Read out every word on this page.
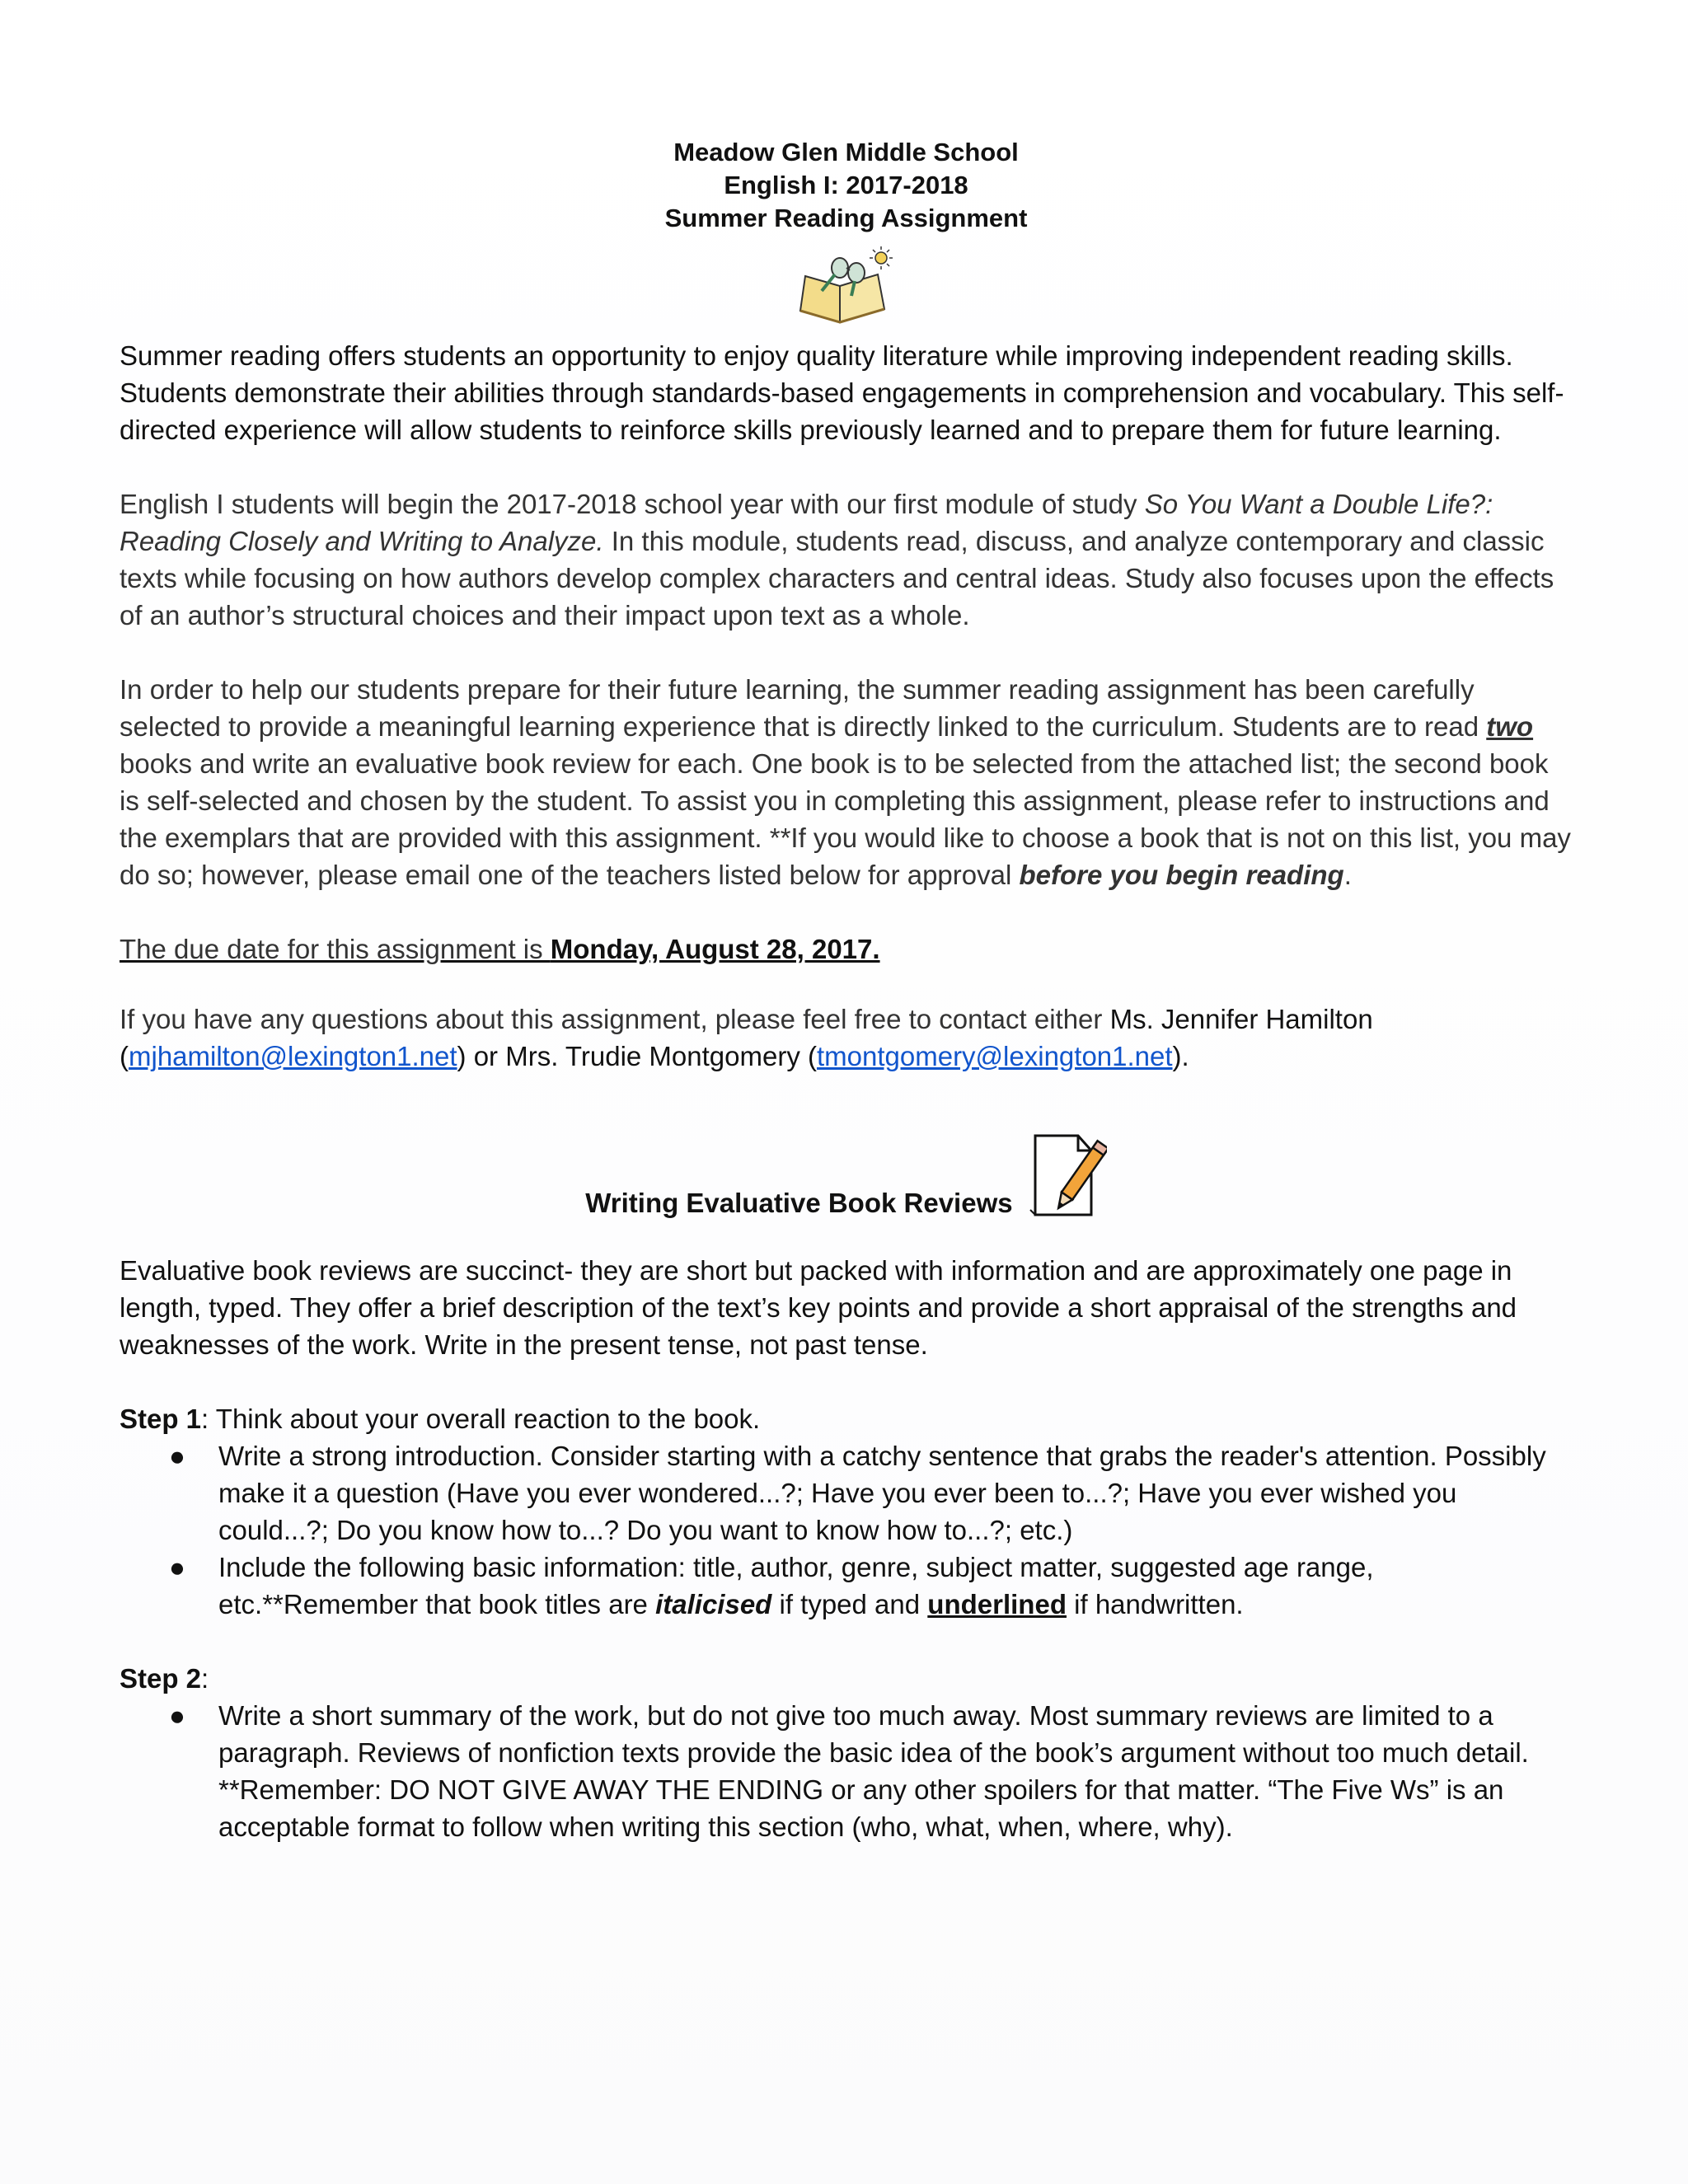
Meadow Glen Middle School
English I: 2017-2018
Summer Reading Assignment

Summer reading offers students an opportunity to enjoy quality literature while improving independent reading skills. Students demonstrate their abilities through standards-based engagements in comprehension and vocabulary. This self-directed experience will allow students to reinforce skills previously learned and to prepare them for future learning.

English I students will begin the 2017-2018 school year with our first module of study So You Want a Double Life?: Reading Closely and Writing to Analyze. In this module, students read, discuss, and analyze contemporary and classic texts while focusing on how authors develop complex characters and central ideas. Study also focuses upon the effects of an author’s structural choices and their impact upon text as a whole.

In order to help our students prepare for their future learning, the summer reading assignment has been carefully selected to provide a meaningful learning experience that is directly linked to the curriculum. Students are to read two books and write an evaluative book review for each. One book is to be selected from the attached list; the second book is self-selected and chosen by the student. To assist you in completing this assignment, please refer to instructions and the exemplars that are provided with this assignment. **If you would like to choose a book that is not on this list, you may do so; however, please email one of the teachers listed below for approval before you begin reading.

The due date for this assignment is Monday, August 28, 2017.

If you have any questions about this assignment, please feel free to contact either Ms. Jennifer Hamilton
(mjhamilton@lexington1.net) or Mrs. Trudie Montgomery (tmontgomery@lexington1.net).

Writing Evaluative Book Reviews

Evaluative book reviews are succinct- they are short but packed with information and are approximately one page in length, typed. They offer a brief description of the text’s key points and provide a short appraisal of the strengths and weaknesses of the work. Write in the present tense, not past tense.

Step 1: Think about your overall reaction to the book.

● Write a strong introduction. Consider starting with a catchy sentence that grabs the reader's attention. Possibly make it a question (Have you ever wondered...?; Have you ever been to...?; Have you ever wished you could...?; Do you know how to...? Do you want to know how to...?; etc.)
● Include the following basic information: title, author, genre, subject matter, suggested age range, etc.**Remember that book titles are italicised if typed and underlined if handwritten.

Step 2:

● Write a short summary of the work, but do not give too much away. Most summary reviews are limited to a paragraph. Reviews of nonfiction texts provide the basic idea of the book’s argument without too much detail. **Remember: DO NOT GIVE AWAY THE ENDING or any other spoilers for that matter. “The Five Ws” is an acceptable format to follow when writing this section (who, what, when, where, why).
